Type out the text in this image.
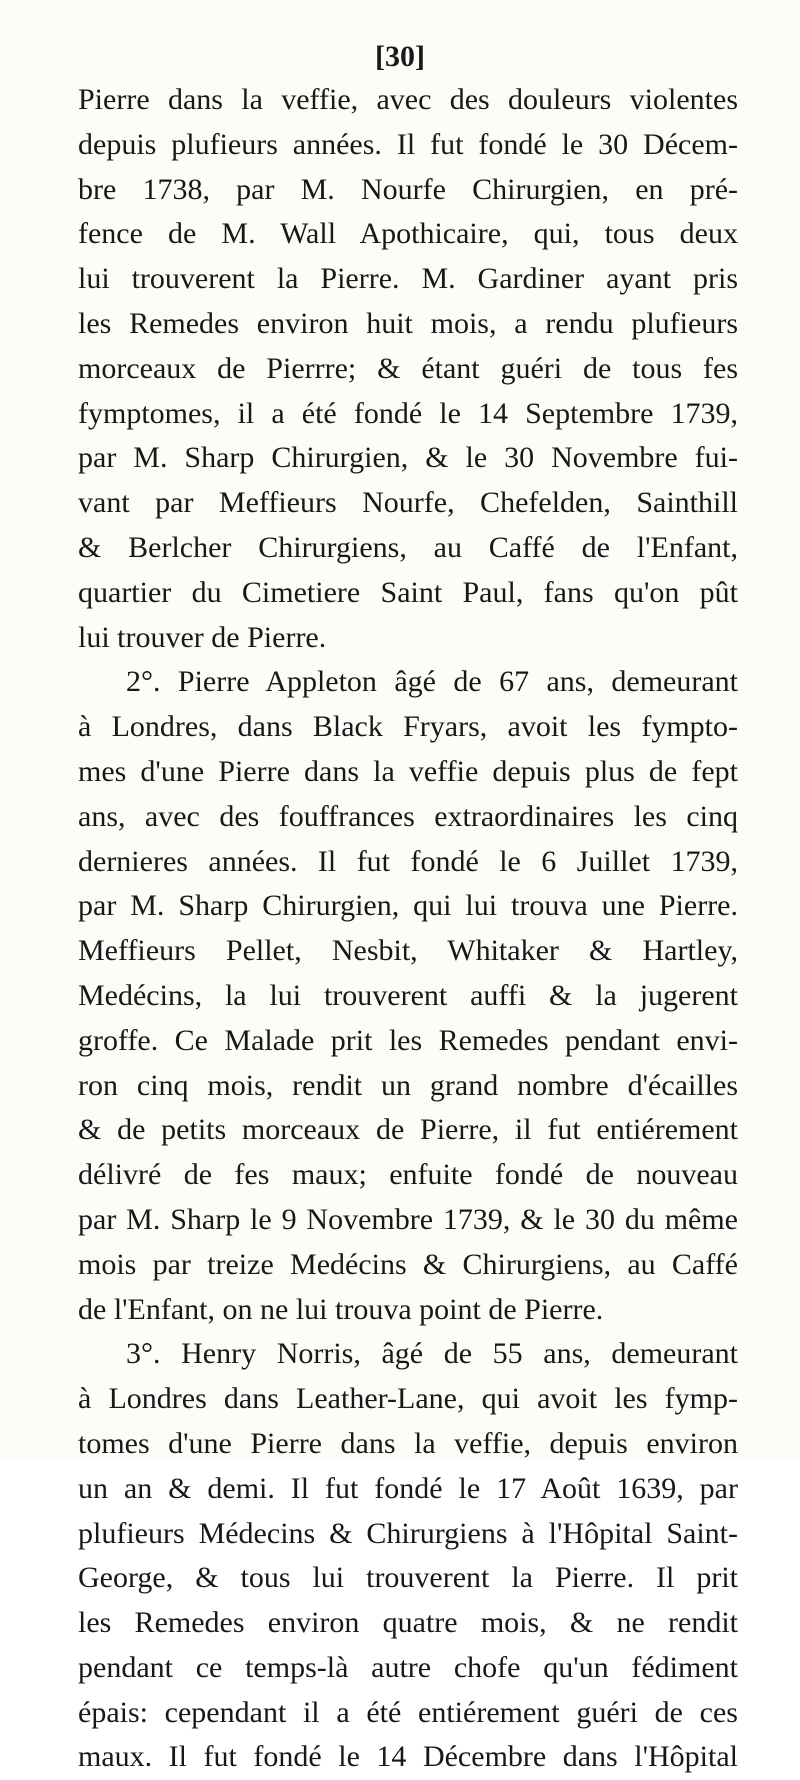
[30]
Pierre dans la veffie, avec des douleurs violentes
depuis plufieurs années. Il fut fondé le 30 Décem-
bre 1738, par M. Nourfe Chirurgien, en pré-
fence de M. Wall Apothicaire, qui, tous deux
lui trouverent la Pierre. M. Gardiner ayant pris
les Remedes environ huit mois, a rendu plufieurs
morceaux de Pierrre; & étant guéri de tous fes
fymptomes, il a été fondé le 14 Septembre 1739,
par M. Sharp Chirurgien, & le 30 Novembre fui-
vant par Meffieurs Nourfe, Chefelden, Sainthill
& Berlcher Chirurgiens, au Caffé de l'Enfant,
quartier du Cimetiere Saint Paul, fans qu'on pût
lui trouver de Pierre.
2°. Pierre Appleton âgé de 67 ans, demeurant
à Londres, dans Black Fryars, avoit les fympto-
mes d'une Pierre dans la veffie depuis plus de fept
ans, avec des fouffrances extraordinaires les cinq
dernieres années. Il fut fondé le 6 Juillet 1739,
par M. Sharp Chirurgien, qui lui trouva une Pierre.
Meffieurs Pellet, Nesbit, Whitaker & Hartley,
Medécins, la lui trouverent auffi & la jugerent
groffe. Ce Malade prit les Remedes pendant envi-
ron cinq mois, rendit un grand nombre d'écailles
& de petits morceaux de Pierre, il fut entiérement
délivré de fes maux; enfuite fondé de nouveau
par M. Sharp le 9 Novembre 1739, & le 30 du même
mois par treize Medécins & Chirurgiens, au Caffé
de l'Enfant, on ne lui trouva point de Pierre.
3°. Henry Norris, âgé de 55 ans, demeurant
à Londres dans Leather-Lane, qui avoit les fymp-
tomes d'une Pierre dans la veffie, depuis environ
un an & demi. Il fut fondé le 17 Août 1639, par
plufieurs Médecins & Chirurgiens à l'Hôpital Saint-
George, & tous lui trouverent la Pierre. Il prit
les Remedes environ quatre mois, & ne rendit
pendant ce temps-là autre chofe qu'un fédiment
épais: cependant il a été entiérement guéri de ces
maux. Il fut fondé le 14 Décembre dans l'Hôpital
